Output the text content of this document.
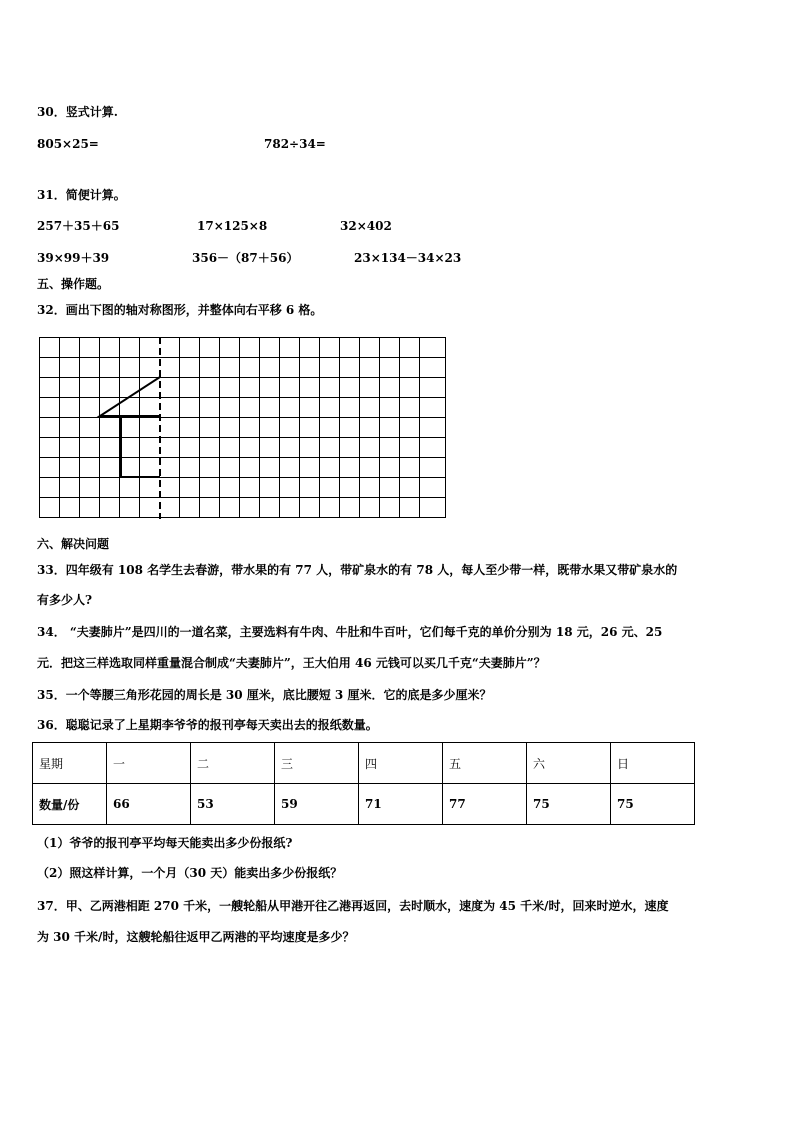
30．竖式计算.
805×25=	782÷34=
31．简便计算。
257＋35＋65	17×125×8	32×402
39×99＋39	356－（87＋56）	23×134－34×23
五、操作题。
32．画出下图的轴对称图形，并整体向右平移 6 格。
六、解决问题
33．四年级有 108 名学生去春游，带水果的有 77 人，带矿泉水的有 78 人，每人至少带一样，既带水果又带矿泉水的
有多少人?
34． “夫妻肺片”是四川的一道名菜，主要选料有牛肉、牛肚和牛百叶，它们每千克的单价分别为 18 元，26 元、25
元．把这三样选取同样重量混合制成“夫妻肺片”，王大伯用 46 元钱可以买几千克“夫妻肺片”？
35．一个等腰三角形花园的周长是 30 厘米，底比腰短 3 厘米．它的底是多少厘米？
36．聪聪记录了上星期李爷爷的报刊亭每天卖出去的报纸数量。
星期	一	二	三	四	五	六	日
数量/份	66	53	59	71	77	75	75
（1）爷爷的报刊亭平均每天能卖出多少份报纸?
（2）照这样计算，一个月（30 天）能卖出多少份报纸？
37．甲、乙两港相距 270 千米，一艘轮船从甲港开往乙港再返回，去时顺水，速度为 45 千米/时，回来时逆水，速度
为 30 千米/时，这艘轮船往返甲乙两港的平均速度是多少？
